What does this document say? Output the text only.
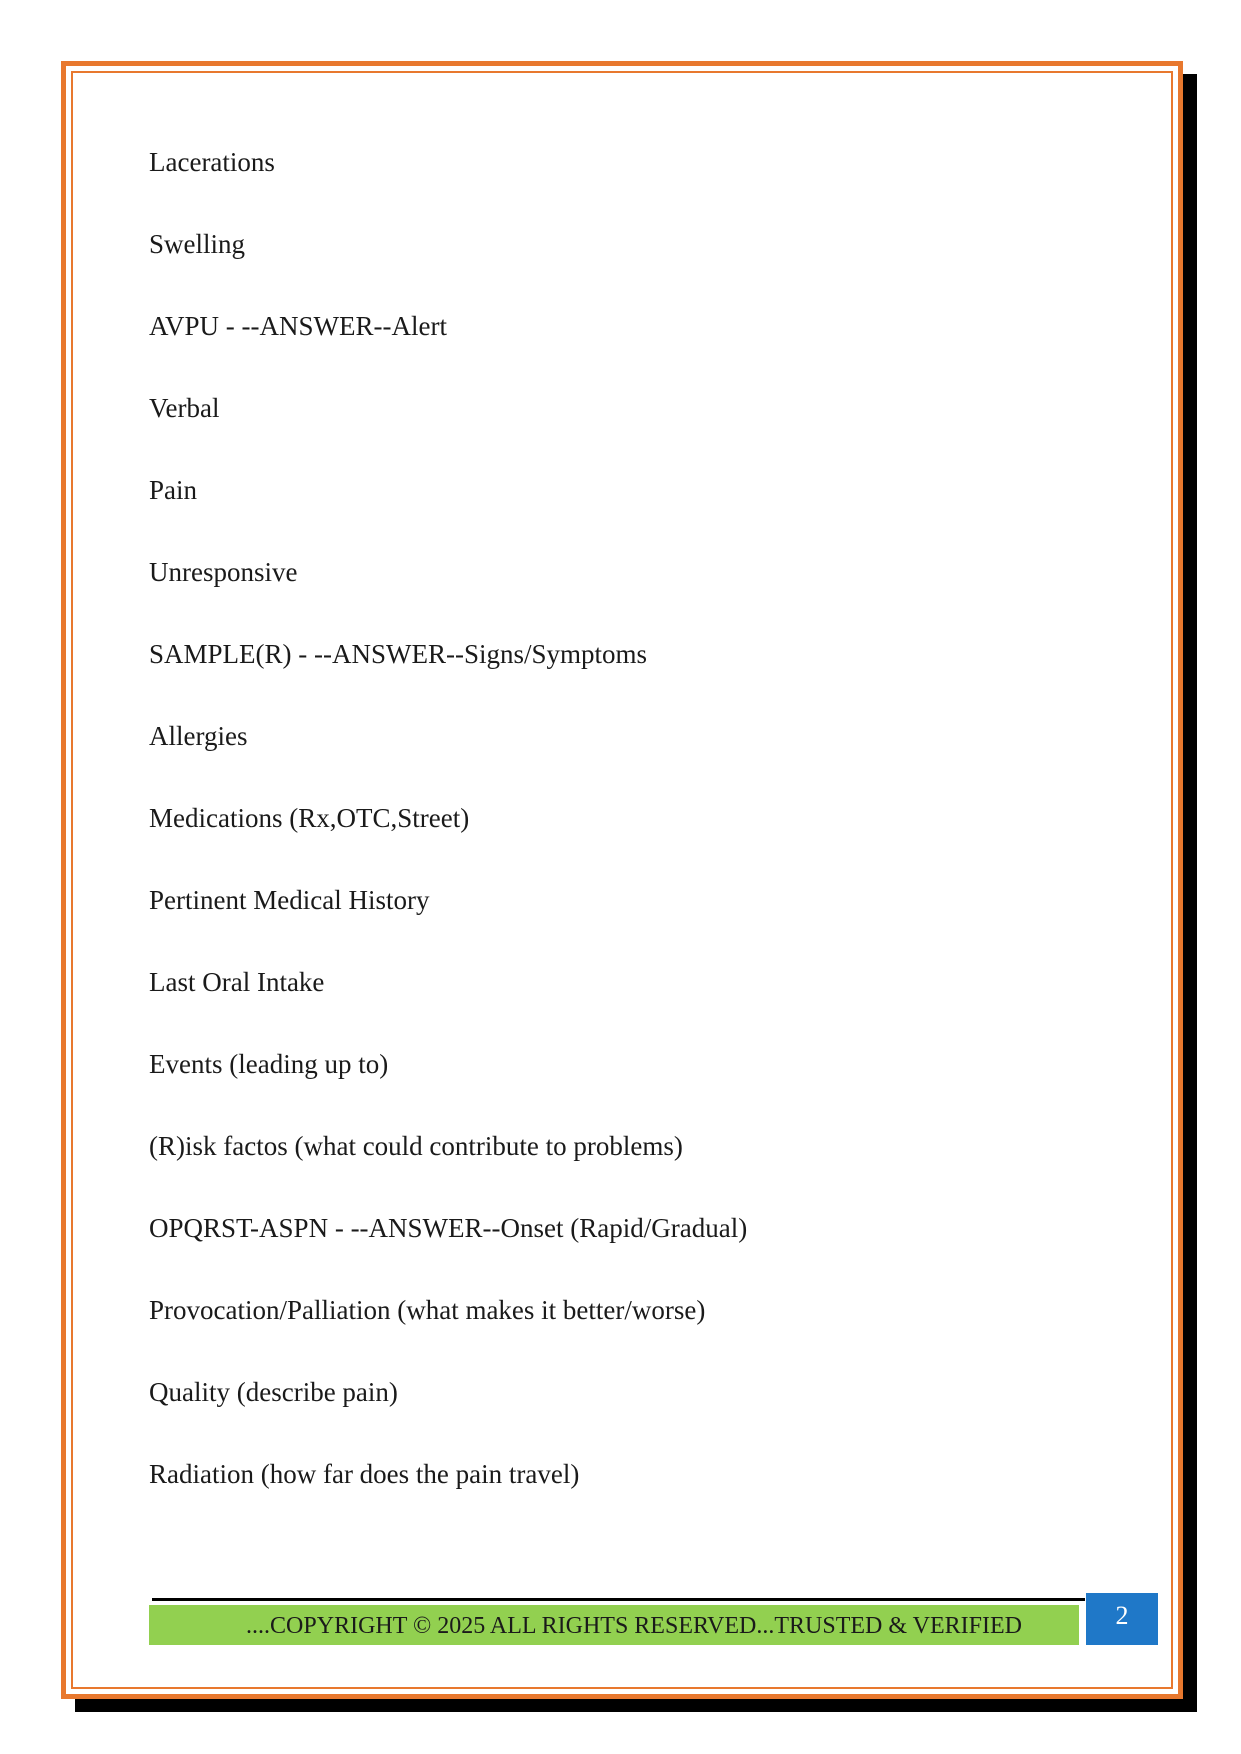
Lacerations
Swelling
AVPU - --ANSWER--Alert
Verbal
Pain
Unresponsive
SAMPLE(R) - --ANSWER--Signs/Symptoms
Allergies
Medications (Rx,OTC,Street)
Pertinent Medical History
Last Oral Intake
Events (leading up to)
(R)isk factos (what could contribute to problems)
OPQRST-ASPN - --ANSWER--Onset (Rapid/Gradual)
Provocation/Palliation (what makes it better/worse)
Quality (describe pain)
Radiation (how far does the pain travel)
....COPYRIGHT © 2025 ALL RIGHTS RESERVED...TRUSTED & VERIFIED	2
